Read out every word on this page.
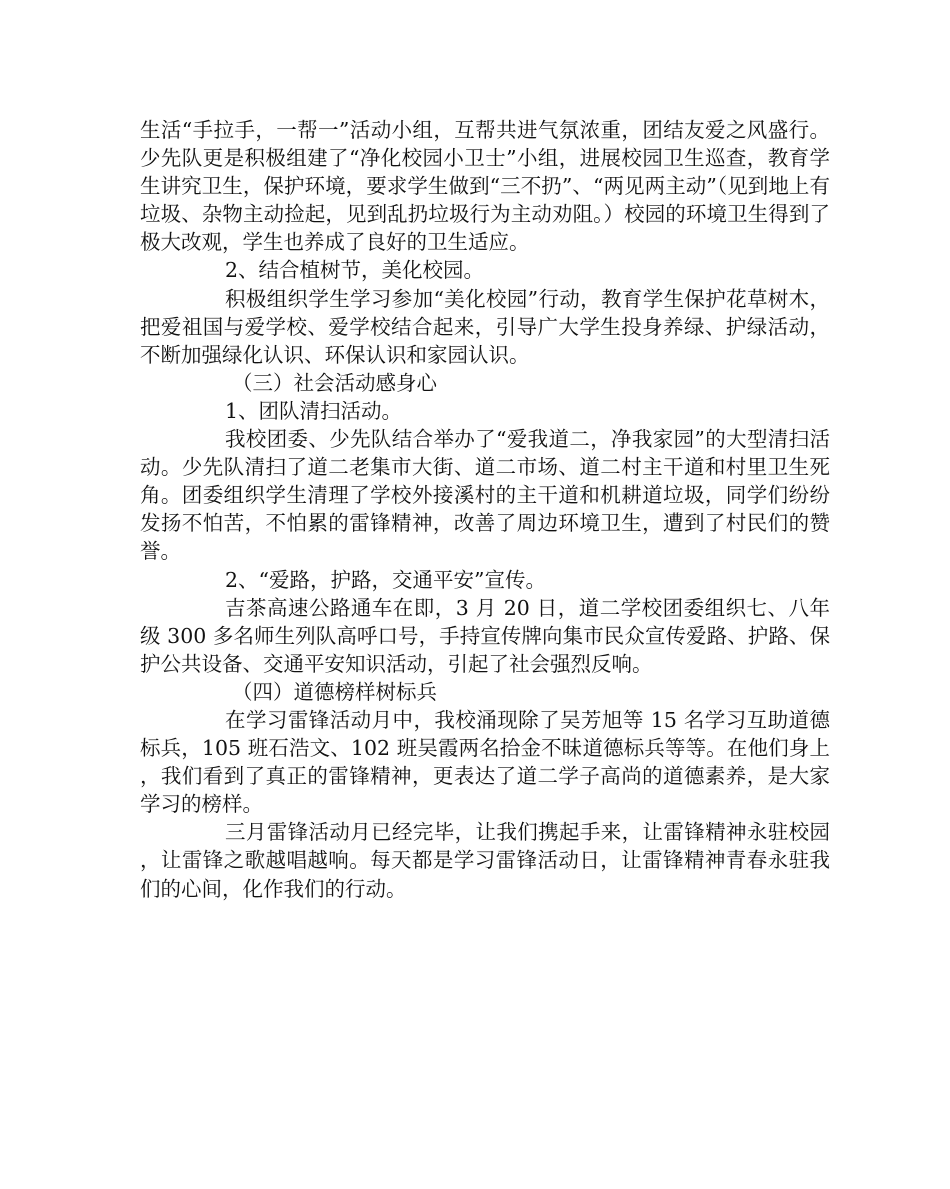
生活“手拉手，一帮一”活动小组，互帮共进气氛浓重，团结友爱之风盛行。少先队更是积极组建了“净化校园小卫士”小组，进展校园卫生巡查，教育学生讲究卫生，保护环境，要求学生做到“三不扔”、“两见两主动”（见到地上有垃圾、杂物主动捡起，见到乱扔垃圾行为主动劝阻。）校园的环境卫生得到了极大改观，学生也养成了良好的卫生适应。

2、结合植树节，美化校园。

积极组织学生学习参加“美化校园”行动，教育学生保护花草树木，把爱祖国与爱学校、爱学校结合起来，引导广大学生投身养绿、护绿活动，不断加强绿化认识、环保认识和家园认识。

（三）社会活动感身心

1、团队清扫活动。

我校团委、少先队结合举办了“爱我道二，净我家园”的大型清扫活动。少先队清扫了道二老集市大街、道二市场、道二村主干道和村里卫生死角。团委组织学生清理了学校外接溪村的主干道和机耕道垃圾，同学们纷纷发扬不怕苦，不怕累的雷锋精神，改善了周边环境卫生，遭到了村民们的赞誉。

2、“爱路，护路，交通平安”宣传。

吉茶高速公路通车在即，3 月 20 日，道二学校团委组织七、八年级 300 多名师生列队高呼口号，手持宣传牌向集市民众宣传爱路、护路、保护公共设备、交通平安知识活动，引起了社会强烈反响。

（四）道德榜样树标兵

在学习雷锋活动月中，我校涌现除了吴芳旭等 15 名学习互助道德标兵，105 班石浩文、102 班吴霞两名拾金不昧道德标兵等等。在他们身上，我们看到了真正的雷锋精神，更表达了道二学子高尚的道德素养，是大家学习的榜样。

三月雷锋活动月已经完毕，让我们携起手来，让雷锋精神永驻校园，让雷锋之歌越唱越响。每天都是学习雷锋活动日，让雷锋精神青春永驻我们的心间，化作我们的行动。
